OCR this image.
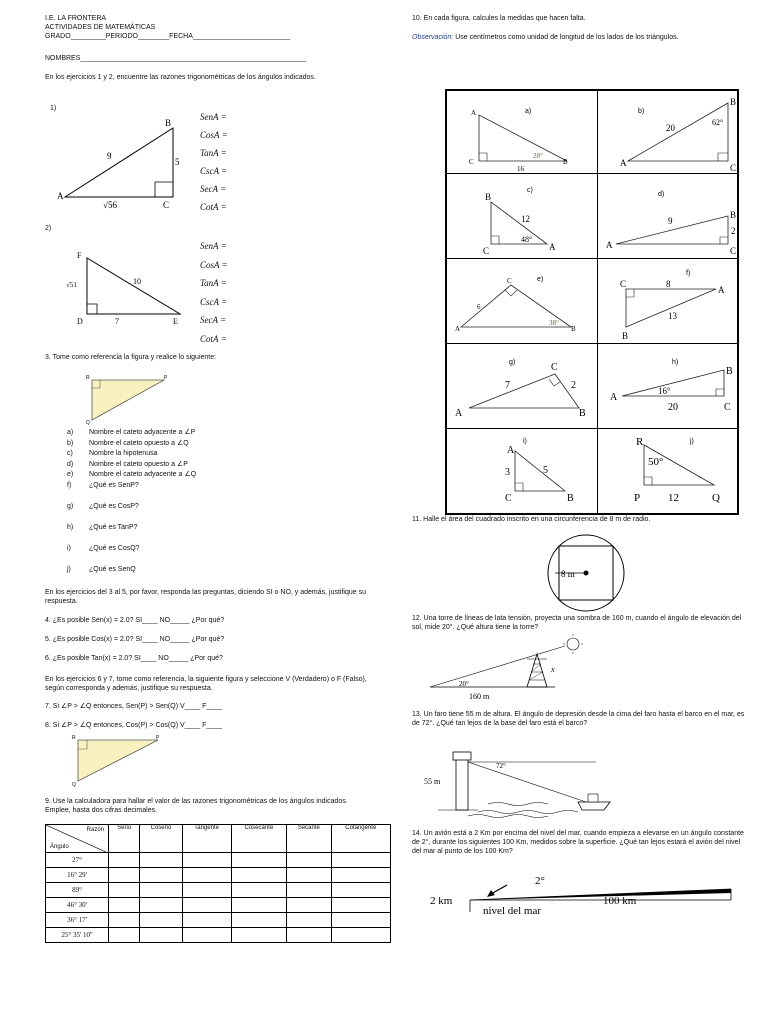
I.E. LA FRONTERA
ACTIVIDADES DE MATEMÁTICAS
GRADO_________PERIODO________FECHA_________________________
NOMBRES__________________________________________________________
En los ejercicios 1 y 2, encuentre las razones trigonométricas de los ángulos indicados.
1)
A
B
C
9
5
√56
SenA =
CosA =
TanA =
CscA =
SecA =
CotA =
2)
F
D	E
10
√51
7
SenA =
CosA =
TanA =
CscA =
SecA =
CotA =
3. Tome como referencia la figura y realice lo siguiente:
R	P
Q
a) Nombre el cateto adyacente a ∠P
b) Nombre el cateto opuesto a ∠Q
c) Nombre la hipotenusa
d) Nombre el cateto opuesto a ∠P
e) Nombre el cateto adyacente a ∠Q
f)	¿Qué es SenP?
g) ¿Qué es CosP?
h) ¿Qué es TanP?
i)	¿Qué es CosQ?
j)	¿Qué es SenQ
En los ejercicios del 3 al 5, por favor, responda las preguntas, diciendo SI o NO, y además, justifique su respuesta.
4. ¿Es posible Sen(x) = 2.0? SI____ NO_____ ¿Por qué?
5. ¿Es posible Cos(x) = 2.0? SI____ NO_____ ¿Por qué?
6. ¿Es posible Tan(x) = 2.0? SI____ NO_____ ¿Por qué?
En los ejercicios 6 y 7, tome como referencia, la siguiente figura y seleccione V (Verdadero) o F (Falso), según corresponda y además, justifique su respuesta.
7. Si ∠P > ∠Q entonces, Sen(P) > Sen(Q) V____ F____
8. Si ∠P > ∠Q entonces, Cos(P) > Cos(Q) V____ F____
R	P
Q
9. Use la calculadora para hallar el valor de las razones trigonométricas de los ángulos indicados. Emplee, hasta dos cifras decimales.
Razón
Ángulo	Seno	Coseno	Tangente	Cosecante	Secante	Cotangente
27°						
16° 29'						
89°						
46° 30'						
36° 17'						
25° 35' 10''						
10. En cada figura, calcules la medidas que hacen falta.
Observación: Use centímetros como unidad de longitud de los lados de los triángulos.
a)
A
C	B
16
28°
b)
B
A	C
20
62°
c)
B
C	A
12
48°
d)
A
B
C
9
2
e)
A	B
C
6
38°
f)
C
A
B
8
13
g)
A	B
C
7	2
h)
A
B
C
20
16°
i)
A
C	B
3	5
j)
R
P	Q
12
50°
11. Halle el área del cuadrado inscrito en una circunferencia de 8 m de radio.
8 m
12. Una torre de líneas de lata tensión, proyecta una sombra de 160 m, cuando el ángulo de elevación del sol, mide 20°. ¿Qué altura tiene la torre?
20°
160 m
x
13. Un faro tiene 55 m de altura. El ángulo de depresión desde la cima del faro hasta el barco en el mar, es de 72°. ¿Qué tan lejos de la base del faro está el barco?
55 m
72°
14. Un avión está a 2 Km por encima del nivel del mar, cuando empieza a elevarse en un ángulo constante de 2°, durante los siguientes 100 Km, medidos sobre la superficie. ¿Qué tan lejos estará el avión del nivel del mar al punto de los 100 Km?
2 km
2°
nivel del mar
100 km
